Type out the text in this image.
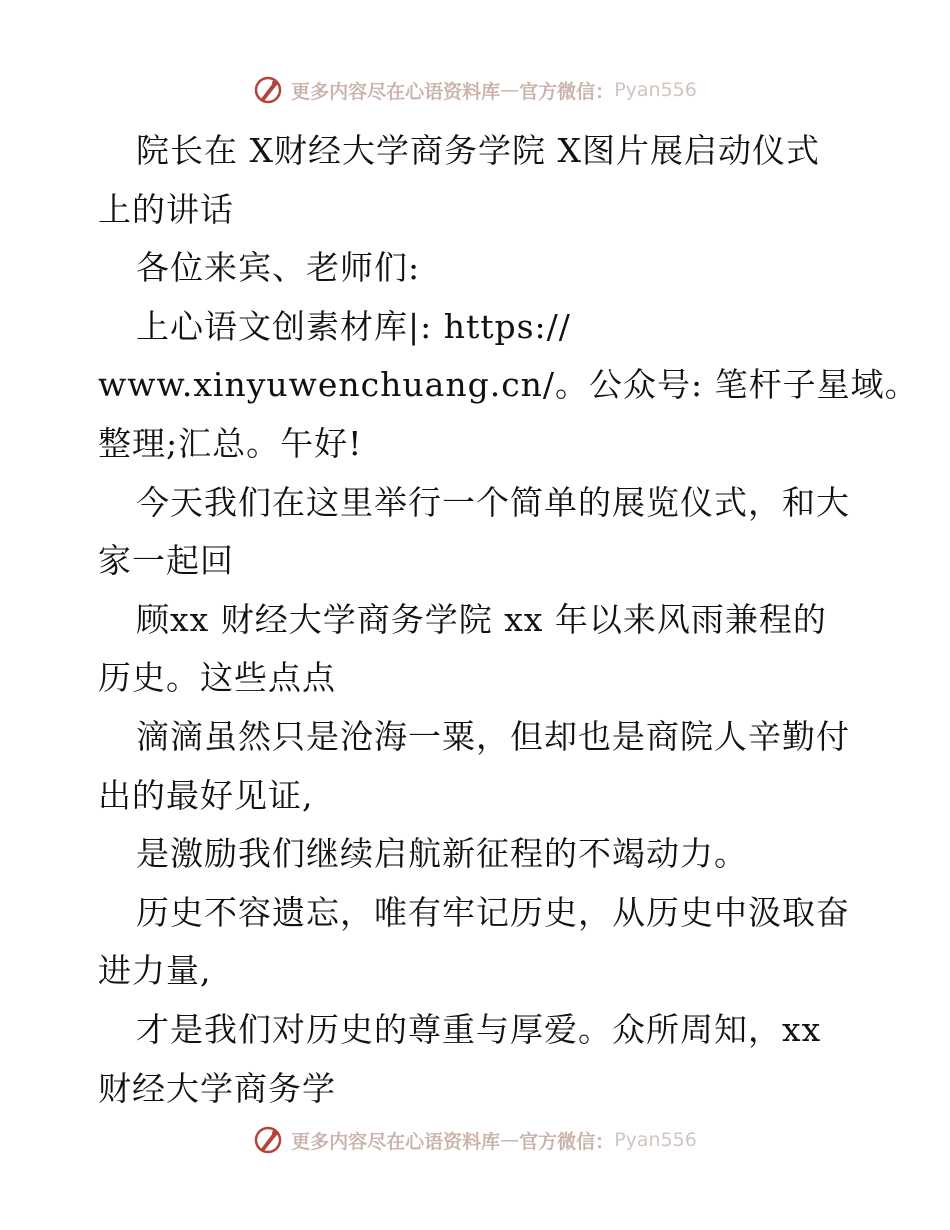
更多内容尽在心语资料库 — 官方微信： Pyan556

院长在 X财经大学商务学院 X图片展启动仪式

上的讲话

各位来宾、老师们:

上心语文创素材库|: https://

www.xinyuwenchuang.cn/。公众号: 笔杆子星域。

整理;汇总。午好!

今天我们在这里举行一个简单的展览仪式，和大

家一起回

顾xx 财经大学商务学院 xx 年以来风雨兼程的

历史。这些点点

滴滴虽然只是沧海一粟，但却也是商院人辛勤付

出的最好见证,

是激励我们继续启航新征程的不竭动力。

历史不容遗忘，唯有牢记历史，从历史中汲取奋

进力量,

才是我们对历史的尊重与厚爱。众所周知，xx

财经大学商务学

更多内容尽在心语资料库 — 官方微信： Pyan556
